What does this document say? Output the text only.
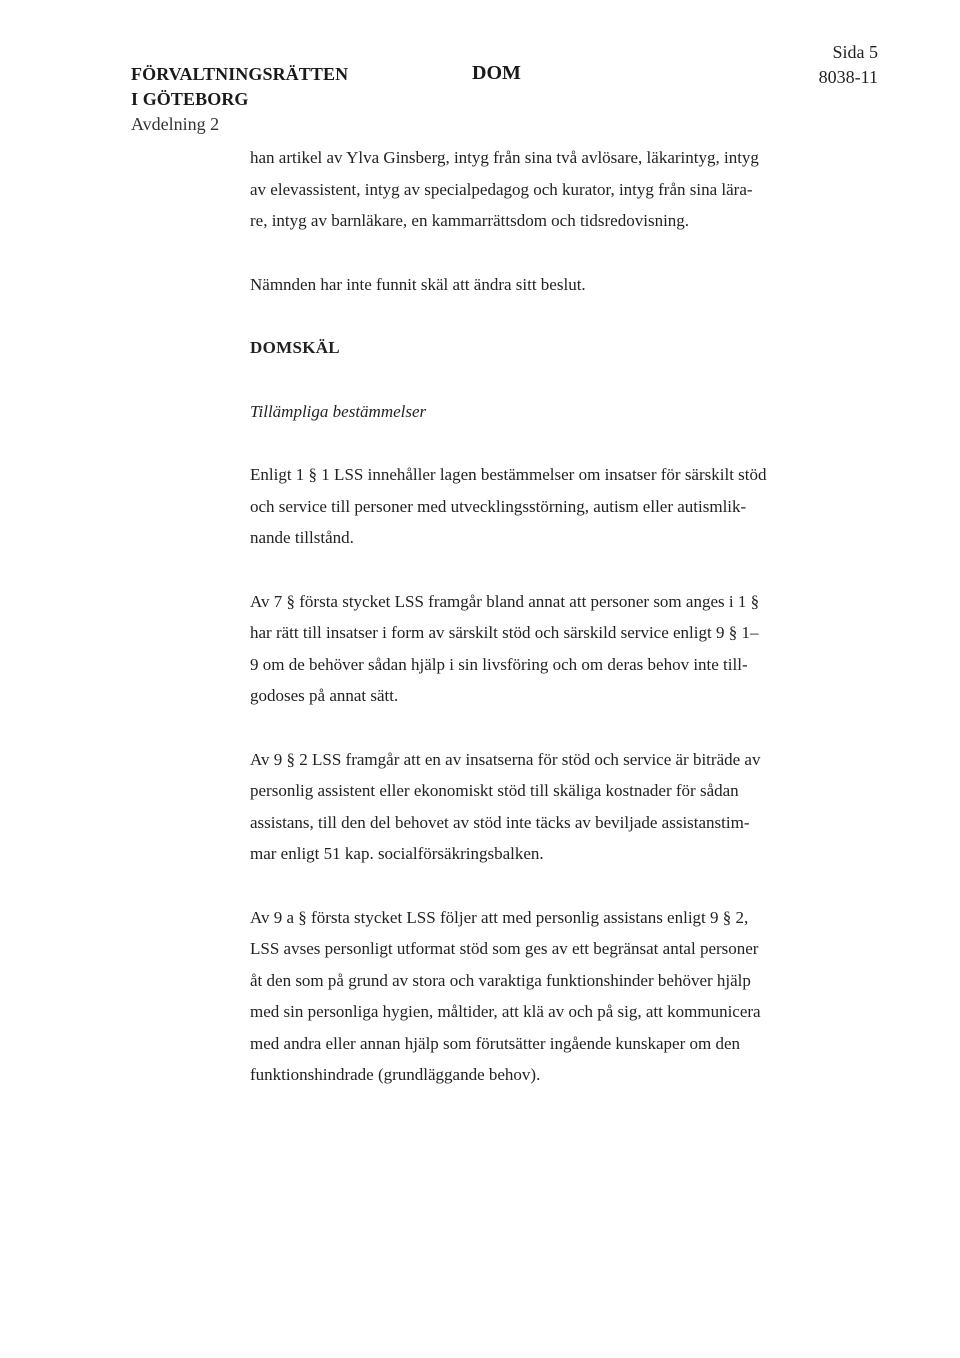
FÖRVALTNINGSRÄTTEN
I GÖTEBORG
Avdelning 2
DOM
Sida 5
8038-11

han artikel av Ylva Ginsberg, intyg från sina två avlösare, läkarintyg, intyg
av elevassistent, intyg av specialpedagog och kurator, intyg från sina lära-
re, intyg av barnläkare, en kammarrättsdom och tidsredovisning.

Nämnden har inte funnit skäl att ändra sitt beslut.

DOMSKÄL

Tillämpliga bestämmelser

Enligt 1 § 1 LSS innehåller lagen bestämmelser om insatser för särskilt stöd
och service till personer med utvecklingsstörning, autism eller autismlik-
nande tillstånd.

Av 7 § första stycket LSS framgår bland annat att personer som anges i 1 §
har rätt till insatser i form av särskilt stöd och särskild service enligt 9 § 1–
9 om de behöver sådan hjälp i sin livsföring och om deras behov inte till-
godoses på annat sätt.

Av 9 § 2 LSS framgår att en av insatserna för stöd och service är biträde av
personlig assistent eller ekonomiskt stöd till skäliga kostnader för sådan
assistans, till den del behovet av stöd inte täcks av beviljade assistanstim-
mar enligt 51 kap. socialförsäkringsbalken.

Av 9 a § första stycket LSS följer att med personlig assistans enligt 9 § 2,
LSS avses personligt utformat stöd som ges av ett begränsat antal personer
åt den som på grund av stora och varaktiga funktionshinder behöver hjälp
med sin personliga hygien, måltider, att klä av och på sig, att kommunicera
med andra eller annan hjälp som förutsätter ingående kunskaper om den
funktionshindrade (grundläggande behov).
